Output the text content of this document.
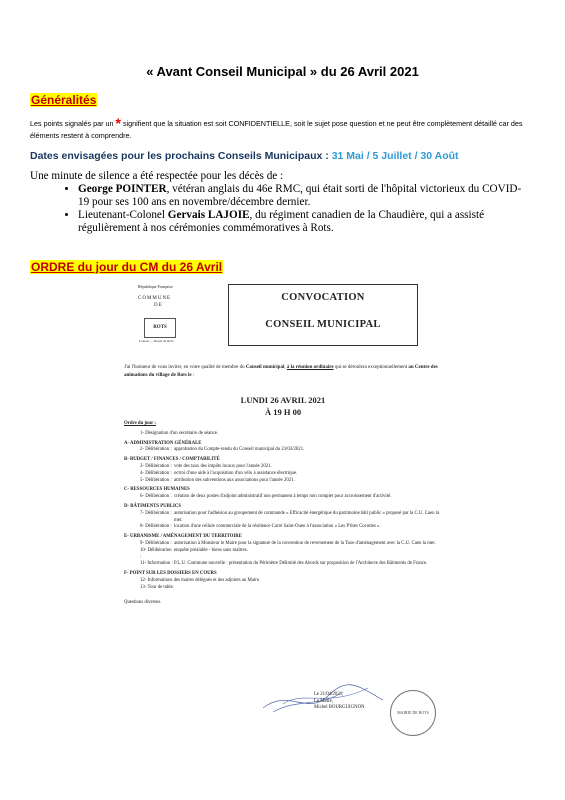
« Avant Conseil Municipal » du 26 Avril 2021
Généralités
Les points signalés par un * signifient que la situation est soit CONFIDENTIELLE, soit le sujet pose question et ne peut être complètement détaillé car des éléments restent à comprendre.
Dates envisagées pour les prochains Conseils Municipaux : 31 Mai / 5 Juillet / 30 Août
Une minute de silence a été respectée pour les décès de :
• George POINTER, vétéran anglais du 46e RMC, qui était sorti de l'hôpital victorieux du COVID-19 pour ses 100 ans en novembre/décembre dernier.
• Lieutenant-Colonel Gervais LAJOIE, du régiment canadien de la Chaudière, qui a assisté régulièrement à nos cérémonies commémoratives à Rots.
ORDRE du jour du CM du 26 Avril
République Française
COMMUNE
DE
ROTS
Lasson — Rosel de Rots
CONVOCATION
CONSEIL MUNICIPAL
J'ai l'honneur de vous inviter, en votre qualité de membre du Conseil municipal, à la réunion ordinaire qui se déroulera exceptionnellement au Centre des animations du village de Rots le :
LUNDI 26 AVRIL 2021
À 19 H 00
Ordre du jour :
1- Désignation d'un secrétaire de séance.
A- ADMINISTRATION GÉNÉRALE
2- Délibération : approbation du Compte-rendu du Conseil municipal du 23/03/2021.
B- BUDGET / FINANCES / COMPTABILITÉ
3- Délibération : vote des taux des impôts locaux pour l'année 2021.
4- Délibération : octroi d'une aide à l'acquisition d'un vélo à assistance électrique.
5- Délibération : attribution des subventions aux associations pour l'année 2021.
C- RESSOURCES HUMAINES
6- Délibération : création de deux postes d'adjoint administratif non permanent à temps non complet pour accroissement d'activité.
D- BÂTIMENTS PUBLICS
7- Délibération : autorisation pour l'adhésion au groupement de commande « Efficacité énergétique du patrimoine bâti public » proposé par la C.U. Caen la mer.
8- Délibération : location d'une cellule commerciale de la résidence Carré Saint-Ouen à l'association « Les P'tites Cocottes ».
E- URBANISME / AMÉNAGEMENT DU TERRITOIRE
9- Délibération : autorisation à Monsieur le Maire pour la signature de la convention de reversement de la Taxe d'aménagement avec la C.U. Caen la mer.
10- Délibération :
enquête préalable - biens sans maîtres.
11- Information : P.L.U. Commune nouvelle : présentation du Périmètre Délimité des Abords sur proposition de l'Architecte des Bâtiments de France.
F- POINT SUR LES DOSSIERS EN COURS
12- Informations des maires délégués et des adjoints au Maire.
13- Tour de table.
Questions diverses.
Le 21/04/2021,
Le Maire,
Michel BOURGUIGNON
MAIRIE DE ROTS
